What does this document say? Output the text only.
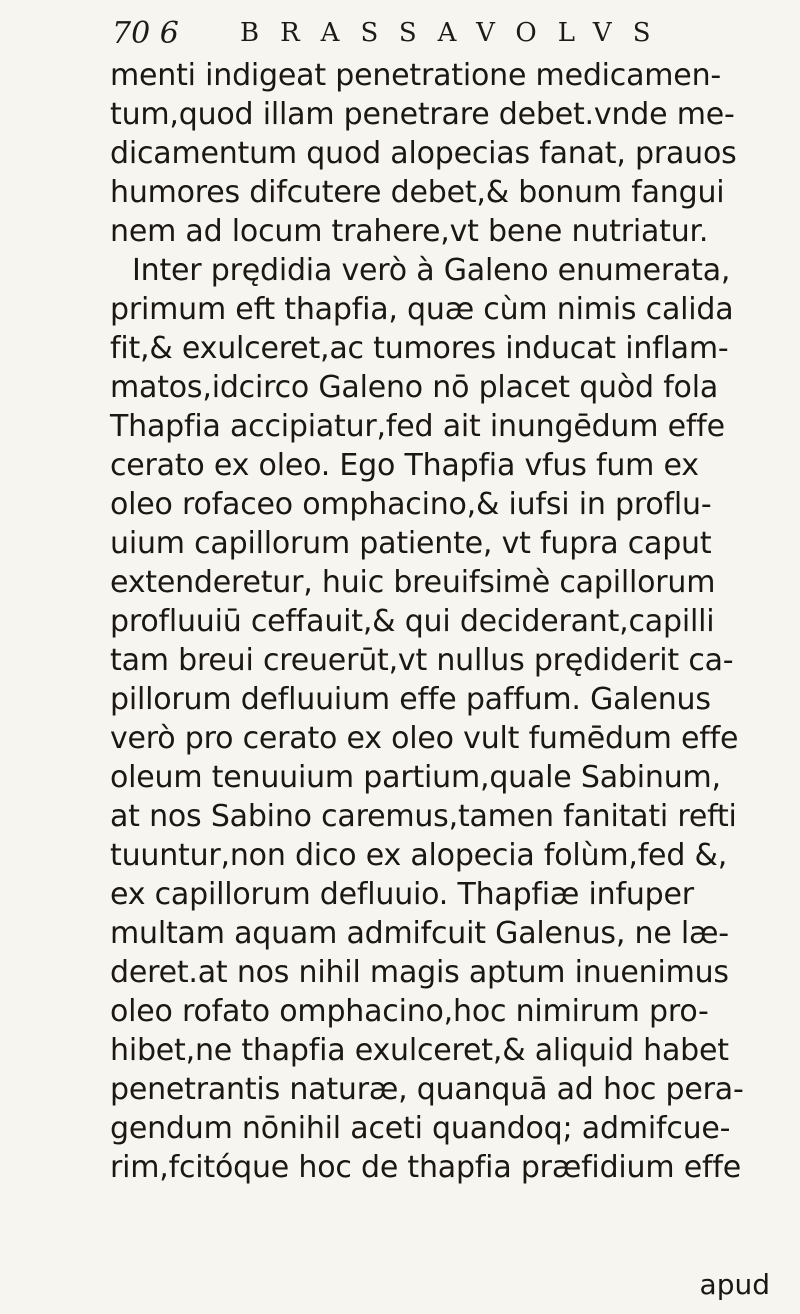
70 6 BRASSAVOLVS
menti indigeat penetratione medicamen-
tum,quod illam penetrare debet.vnde me-
dicamentum quod alopecias fanat, prauos
humores difcutere debet,& bonum fangui
nem ad locum trahere,vt bene nutriatur.
Inter prędidia verò à Galeno enumerata,
primum eft thapfia, quæ cùm nimis calida
fit,& exulceret,ac tumores inducat inflam-
matos,idcirco Galeno nō placet quòd fola
Thapfia accipiatur,fed ait inungēdum effe
cerato ex oleo. Ego Thapfia vfus fum ex
oleo rofaceo omphacino,& iufsi in proflu-
uium capillorum patiente, vt fupra caput
extenderetur, huic breuifsimè capillorum
profluuiū ceffauit,& qui deciderant,capilli
tam breui creuerūt,vt nullus prędiderit ca-
pillorum defluuium effe paffum. Galenus
verò pro cerato ex oleo vult fumēdum effe
oleum tenuuium partium,quale Sabinum,
at nos Sabino caremus,tamen fanitati refti
tuuntur,non dico ex alopecia folùm,fed &,
ex capillorum defluuio. Thapfiæ infuper
multam aquam admifcuit Galenus, ne læ-
deret.at nos nihil magis aptum inuenimus
oleo rofato omphacino,hoc nimirum pro-
hibet,ne thapfia exulceret,& aliquid habet
penetrantis naturæ, quanquā ad hoc pera-
gendum nōnihil aceti quandoq; admifcue-
rim,fcitóque hoc de thapfia præfidium effe
apud
